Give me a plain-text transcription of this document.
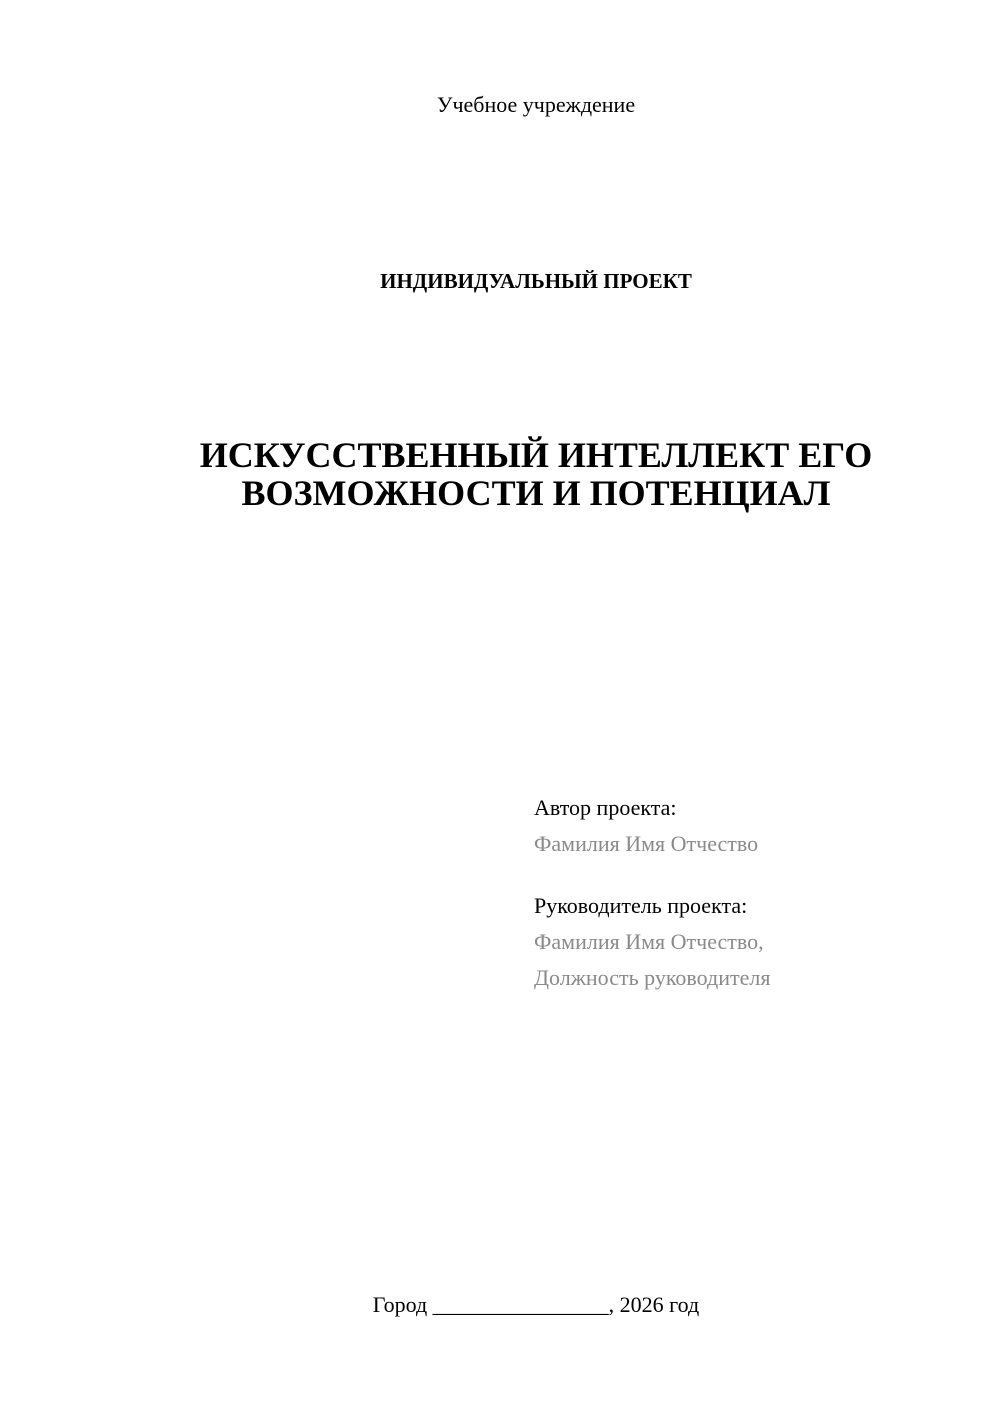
Учебное учреждение
ИНДИВИДУАЛЬНЫЙ ПРОЕКТ
ИСКУССТВЕННЫЙ ИНТЕЛЛЕКТ ЕГО
ВОЗМОЖНОСТИ И ПОТЕНЦИАЛ
Автор проекта:
Фамилия Имя Отчество
Руководитель проекта:
Фамилия Имя Отчество,
Должность руководителя
Город ________________, 2026 год
